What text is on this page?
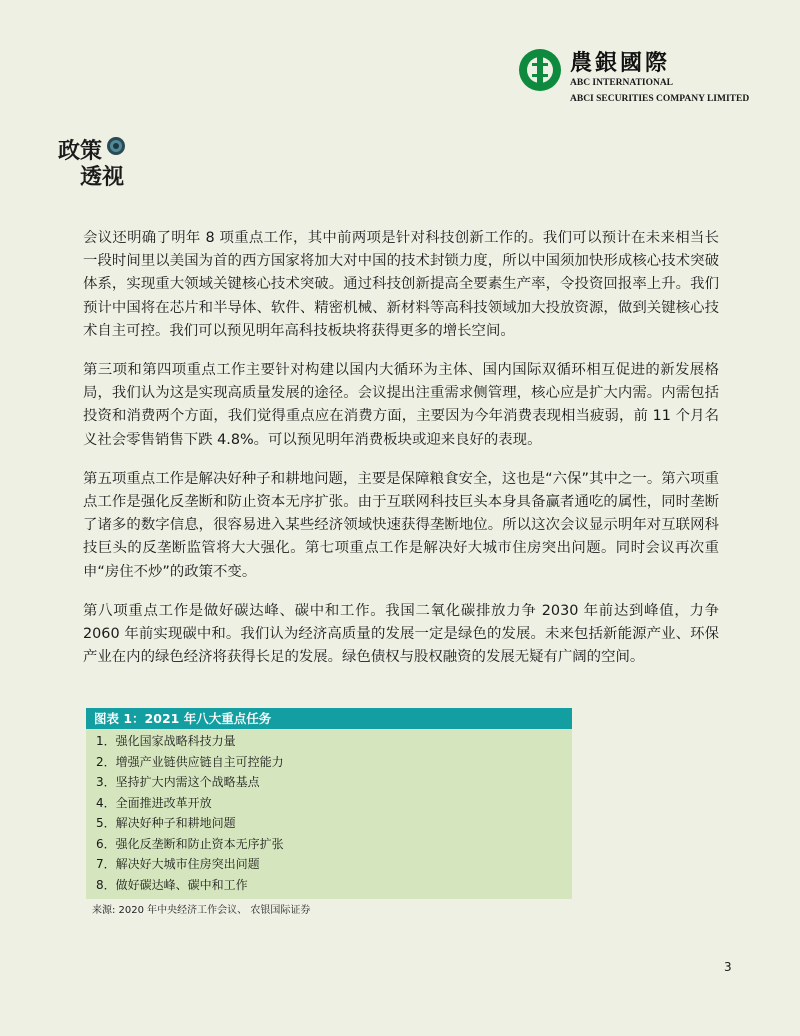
農銀國際
ABC INTERNATIONAL
ABCI SECURITIES COMPANY LIMITED
政策
透视

会议还明确了明年 8 项重点工作，其中前两项是针对科技创新工作的。我们可以预计在未来相当长一段时间里以美国为首的西方国家将加大对中国的技术封锁力度，所以中国须加快形成核心技术突破体系，实现重大领域关键核心技术突破。通过科技创新提高全要素生产率，令投资回报率上升。我们预计中国将在芯片和半导体、软件、精密机械、新材料等高科技领域加大投放资源，做到关键核心技术自主可控。我们可以预见明年高科技板块将获得更多的增长空间。

第三项和第四项重点工作主要针对构建以国内大循环为主体、国内国际双循环相互促进的新发展格局，我们认为这是实现高质量发展的途径。会议提出注重需求侧管理，核心应是扩大内需。内需包括投资和消费两个方面，我们觉得重点应在消费方面，主要因为今年消费表现相当疲弱，前 11 个月名义社会零售销售下跌 4.8%。可以预见明年消费板块或迎来良好的表现。

第五项重点工作是解决好种子和耕地问题，主要是保障粮食安全，这也是“六保”其中之一。第六项重点工作是强化反垄断和防止资本无序扩张。由于互联网科技巨头本身具备赢者通吃的属性，同时垄断了诸多的数字信息，很容易进入某些经济领域快速获得垄断地位。所以这次会议显示明年对互联网科技巨头的反垄断监管将大大强化。第七项重点工作是解决好大城市住房突出问题。同时会议再次重申“房住不炒”的政策不变。

第八项重点工作是做好碳达峰、碳中和工作。我国二氧化碳排放力争 2030 年前达到峰值，力争 2060 年前实现碳中和。我们认为经济高质量的发展一定是绿色的发展。未来包括新能源产业、环保产业在内的绿色经济将获得长足的发展。绿色债权与股权融资的发展无疑有广阔的空间。

图表 1：2021 年八大重点任务
1．强化国家战略科技力量
2．增强产业链供应链自主可控能力
3．坚持扩大内需这个战略基点
4．全面推进改革开放
5．解决好种子和耕地问题
6．强化反垄断和防止资本无序扩张
7．解决好大城市住房突出问题
8．做好碳达峰、碳中和工作
来源: 2020 年中央经济工作会议、 农银国际证券
3
